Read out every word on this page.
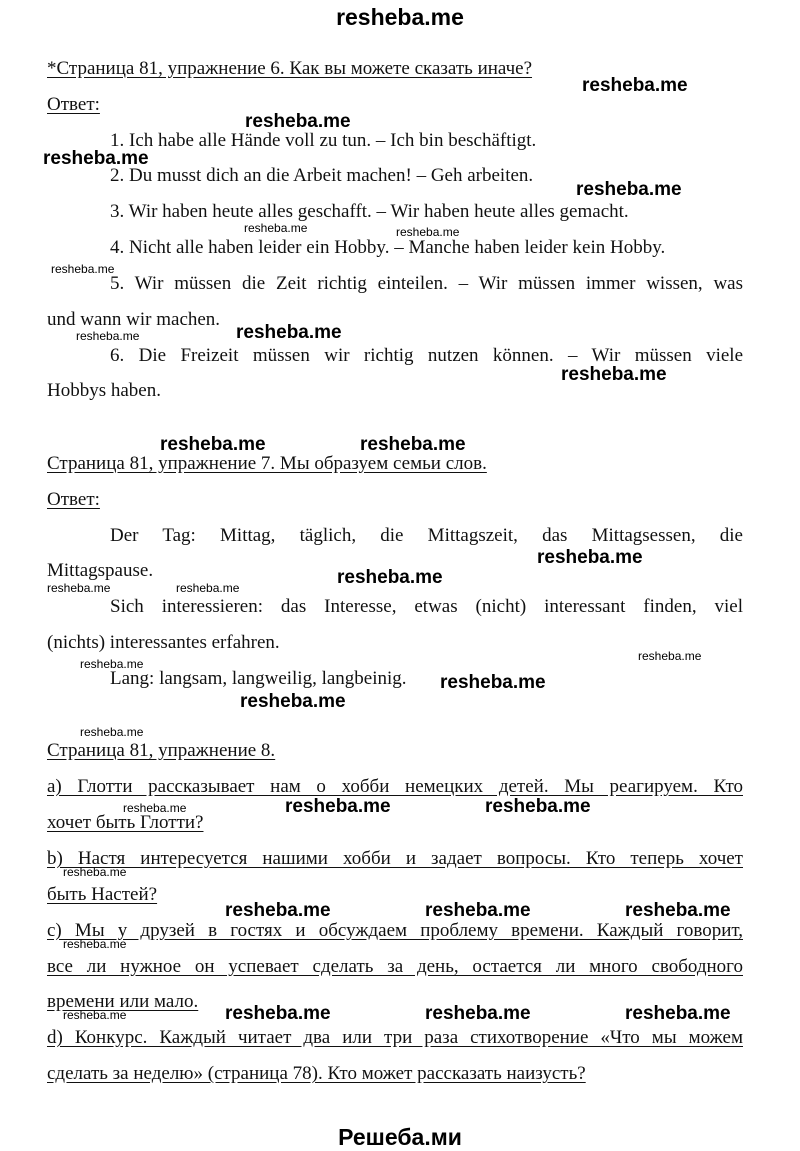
resheba.me
Решеба.ми
*Страница 81, упражнение 6. Как вы можете сказать иначе?
Ответ:
1. Ich habe alle Hände voll zu tun. – Ich bin beschäftigt.
2. Du musst dich an die Arbeit machen! – Geh arbeiten.
3. Wir haben heute alles geschafft. – Wir haben heute alles gemacht.
4. Nicht alle haben leider ein Hobby. – Manche haben leider kein Hobby.
5. Wir müssen die Zeit richtig einteilen. – Wir müssen immer wissen, was
und wann wir machen.
6. Die Freizeit müssen wir richtig nutzen können. – Wir müssen viele
Hobbys haben.
Страница 81, упражнение 7. Мы образуем семьи слов.
Ответ:
Der Tag: Mittag, täglich, die Mittagszeit, das Mittagsessen, die
Mittagspause.
Sich interessieren: das Interesse, etwas (nicht) interessant finden, viel
(nichts) interessantes erfahren.
Lang: langsam, langweilig, langbeinig.
Страница 81, упражнение 8.
a) Глотти рассказывает нам о хобби немецких детей. Мы реагируем. Кто
хочет быть Глотти?
b) Настя интересуется нашими хобби и задает вопросы. Кто теперь хочет
быть Настей?
c) Мы у друзей в гостях и обсуждаем проблему времени. Каждый говорит,
все ли нужное он успевает сделать за день, остается ли много свободного
времени или мало.
d) Конкурс. Каждый читает два или три раза стихотворение «Что мы можем
сделать за неделю» (страница 78). Кто может рассказать наизусть?
resheba.me
resheba.me
resheba.me
resheba.me
resheba.me
resheba.me
resheba.me	resheba.me
resheba.me
resheba.me
resheba.me
resheba.me
resheba.me	resheba.me
resheba.me	resheba.me	resheba.me
resheba.me	resheba.me	resheba.me
resheba.me	resheba.me
resheba.me
resheba.me
resheba.me	resheba.me
resheba.me
resheba.me
resheba.me
resheba.me
resheba.me
resheba.me
resheba.me
